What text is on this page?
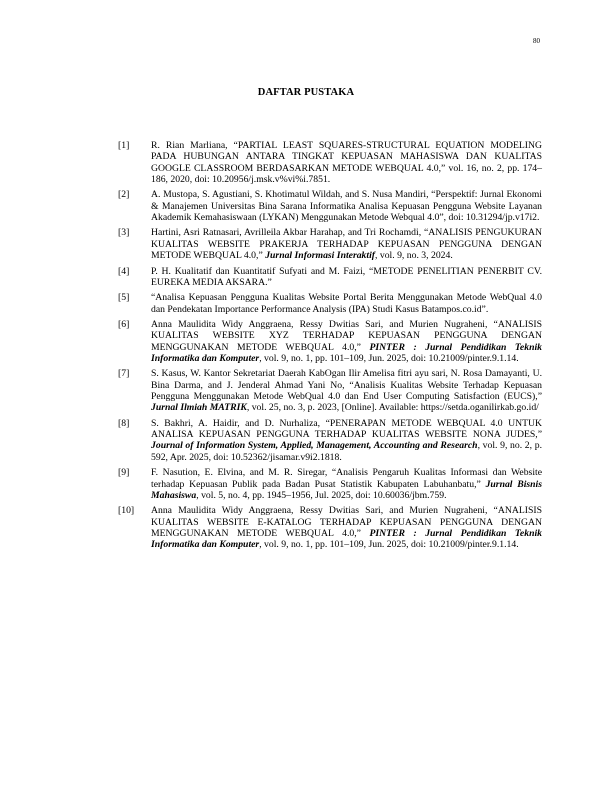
80
DAFTAR PUSTAKA
[1]	R. Rian Marliana, “PARTIAL LEAST SQUARES-STRUCTURAL EQUATION MODELING PADA HUBUNGAN ANTARA TINGKAT KEPUASAN MAHASISWA DAN KUALITAS GOOGLE CLASSROOM BERDASARKAN METODE WEBQUAL 4.0,” vol. 16, no. 2, pp. 174–186, 2020, doi: 10.20956/j.msk.v%vi%i.7851.
[2]	A. Mustopa, S. Agustiani, S. Khotimatul Wildah, and S. Nusa Mandiri, “Perspektif: Jurnal Ekonomi & Manajemen Universitas Bina Sarana Informatika Analisa Kepuasan Pengguna Website Layanan Akademik Kemahasiswaan (LYKAN) Menggunakan Metode Webqual 4.0”, doi: 10.31294/jp.v17i2.
[3]	Hartini, Asri Ratnasari, Avrilleila Akbar Harahap, and Tri Rochamdi, “ANALISIS PENGUKURAN KUALITAS WEBSITE PRAKERJA TERHADAP KEPUASAN PENGGUNA DENGAN METODE WEBQUAL 4.0,” Jurnal Informasi Interaktif, vol. 9, no. 3, 2024.
[4]	P. H. Kualitatif dan Kuantitatif Sufyati and M. Faizi, “METODE PENELITIAN PENERBIT CV. EUREKA MEDIA AKSARA.”
[5]	“Analisa Kepuasan Pengguna Kualitas Website Portal Berita Menggunakan Metode WebQual 4.0 dan Pendekatan Importance Performance Analysis (IPA) Studi Kasus Batampos.co.id”.
[6]	Anna Maulidita Widy Anggraena, Ressy Dwitias Sari, and Murien Nugraheni, “ANALISIS KUALITAS WEBSITE XYZ TERHADAP KEPUASAN PENGGUNA DENGAN MENGGUNAKAN METODE WEBQUAL 4.0,” PINTER : Jurnal Pendidikan Teknik Informatika dan Komputer, vol. 9, no. 1, pp. 101–109, Jun. 2025, doi: 10.21009/pinter.9.1.14.
[7]	S. Kasus, W. Kantor Sekretariat Daerah KabOgan Ilir Amelisa fitri ayu sari, N. Rosa Damayanti, U. Bina Darma, and J. Jenderal Ahmad Yani No, “Analisis Kualitas Website Terhadap Kepuasan Pengguna Menggunakan Metode WebQual 4.0 dan End User Computing Satisfaction (EUCS),” Jurnal Ilmiah MATRIK, vol. 25, no. 3, p. 2023, [Online]. Available: https://setda.oganilirkab.go.id/
[8]	S. Bakhri, A. Haidir, and D. Nurhaliza, “PENERAPAN METODE WEBQUAL 4.0 UNTUK ANALISA KEPUASAN PENGGUNA TERHADAP KUALITAS WEBSITE NONA JUDES,” Journal of Information System, Applied, Management, Accounting and Research, vol. 9, no. 2, p. 592, Apr. 2025, doi: 10.52362/jisamar.v9i2.1818.
[9]	F. Nasution, E. Elvina, and M. R. Siregar, “Analisis Pengaruh Kualitas Informasi dan Website terhadap Kepuasan Publik pada Badan Pusat Statistik Kabupaten Labuhanbatu,” Jurnal Bisnis Mahasiswa, vol. 5, no. 4, pp. 1945–1956, Jul. 2025, doi: 10.60036/jbm.759.
[10]	Anna Maulidita Widy Anggraena, Ressy Dwitias Sari, and Murien Nugraheni, “ANALISIS KUALITAS WEBSITE E-KATALOG TERHADAP KEPUASAN PENGGUNA DENGAN MENGGUNAKAN METODE WEBQUAL 4.0,” PINTER : Jurnal Pendidikan Teknik Informatika dan Komputer, vol. 9, no. 1, pp. 101–109, Jun. 2025, doi: 10.21009/pinter.9.1.14.
